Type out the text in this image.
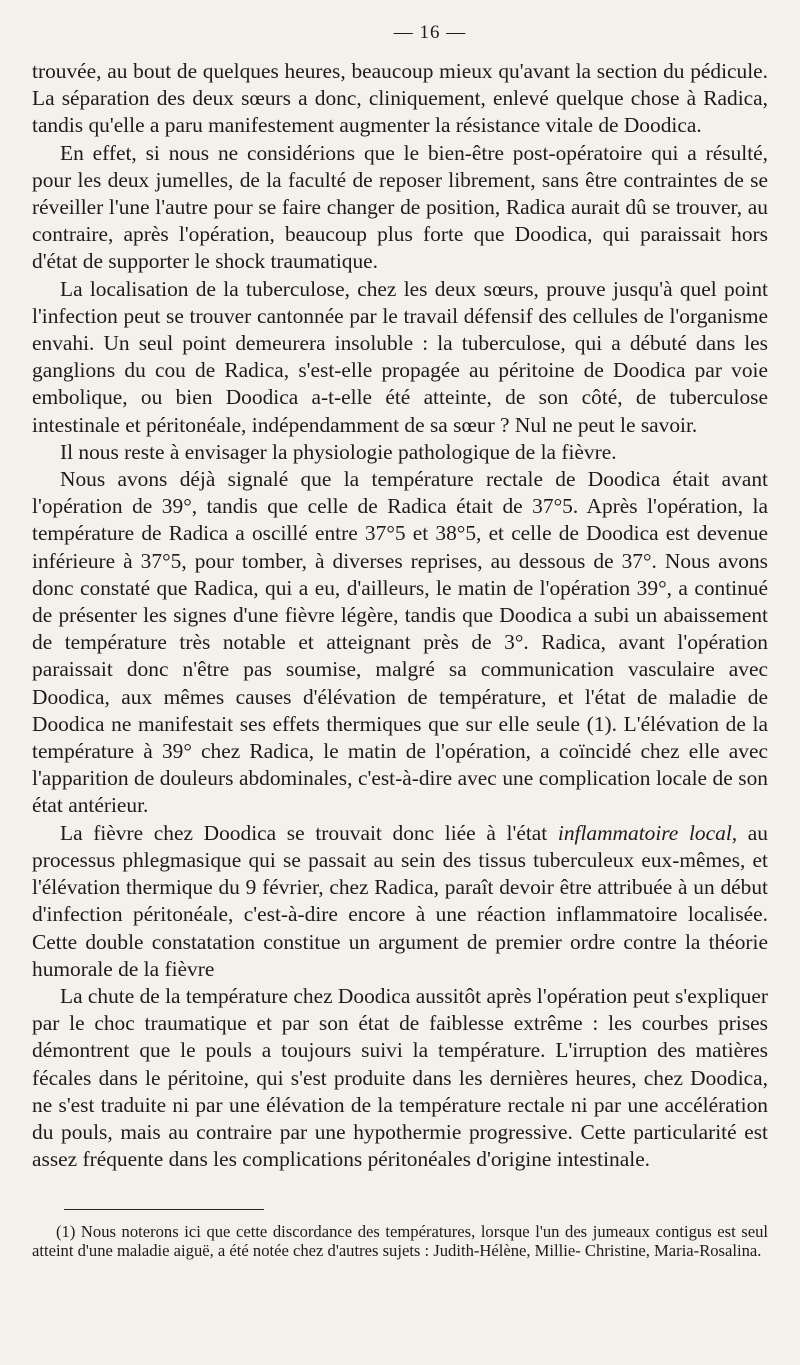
— 16 —

trouvée, au bout de quelques heures, beaucoup mieux qu'avant la section du pédicule. La séparation des deux sœurs a donc, cliniquement, enlevé quelque chose à Radica, tandis qu'elle a paru manifestement augmenter la résistance vitale de Doodica.

En effet, si nous ne considérions que le bien-être post-opératoire qui a résulté, pour les deux jumelles, de la faculté de reposer librement, sans être contraintes de se réveiller l'une l'autre pour se faire changer de position, Radica aurait dû se trouver, au contraire, après l'opération, beaucoup plus forte que Doodica, qui paraissait hors d'état de supporter le shock traumatique.

La localisation de la tuberculose, chez les deux sœurs, prouve jusqu'à quel point l'infection peut se trouver cantonnée par le travail défensif des cellules de l'organisme envahi. Un seul point demeurera insoluble : la tuberculose, qui a débuté dans les ganglions du cou de Radica, s'est-elle propagée au péritoine de Doodica par voie embolique, ou bien Doodica a-t-elle été atteinte, de son côté, de tuberculose intestinale et péritonéale, indépendamment de sa sœur ? Nul ne peut le savoir.

Il nous reste à envisager la physiologie pathologique de la fièvre.

Nous avons déjà signalé que la température rectale de Doodica était avant l'opération de 39°, tandis que celle de Radica était de 37°5. Après l'opération, la température de Radica a oscillé entre 37°5 et 38°5, et celle de Doodica est devenue inférieure à 37°5, pour tomber, à diverses reprises, au dessous de 37°. Nous avons donc constaté que Radica, qui a eu, d'ailleurs, le matin de l'opération 39°, a continué de présenter les signes d'une fièvre légère, tandis que Doodica a subi un abaissement de température très notable et atteignant près de 3°. Radica, avant l'opération paraissait donc n'être pas soumise, malgré sa communication vasculaire avec Doodica, aux mêmes causes d'élévation de température, et l'état de maladie de Doodica ne manifestait ses effets thermiques que sur elle seule (1). L'élévation de la température à 39° chez Radica, le matin de l'opération, a coïncidé chez elle avec l'apparition de douleurs abdominales, c'est-à-dire avec une complication locale de son état antérieur.

La fièvre chez Doodica se trouvait donc liée à l'état inflammatoire local, au processus phlegmasique qui se passait au sein des tissus tuberculeux eux-mêmes, et l'élévation thermique du 9 février, chez Radica, paraît devoir être attribuée à un début d'infection péritonéale, c'est-à-dire encore à une réaction inflammatoire localisée. Cette double constatation constitue un argument de premier ordre contre la théorie humorale de la fièvre

La chute de la température chez Doodica aussitôt après l'opération peut s'expliquer par le choc traumatique et par son état de faiblesse extrême : les courbes prises démontrent que le pouls a toujours suivi la température. L'irruption des matières fécales dans le péritoine, qui s'est produite dans les dernières heures, chez Doodica, ne s'est traduite ni par une élévation de la température rectale ni par une accélération du pouls, mais au contraire par une hypothermie progressive. Cette particularité est assez fréquente dans les complications péritonéales d'origine intestinale.

(1) Nous noterons ici que cette discordance des températures, lorsque l'un des jumeaux contigus est seul atteint d'une maladie aiguë, a été notée chez d'autres sujets : Judith-Hélène, Millie- Christine, Maria-Rosalina.
